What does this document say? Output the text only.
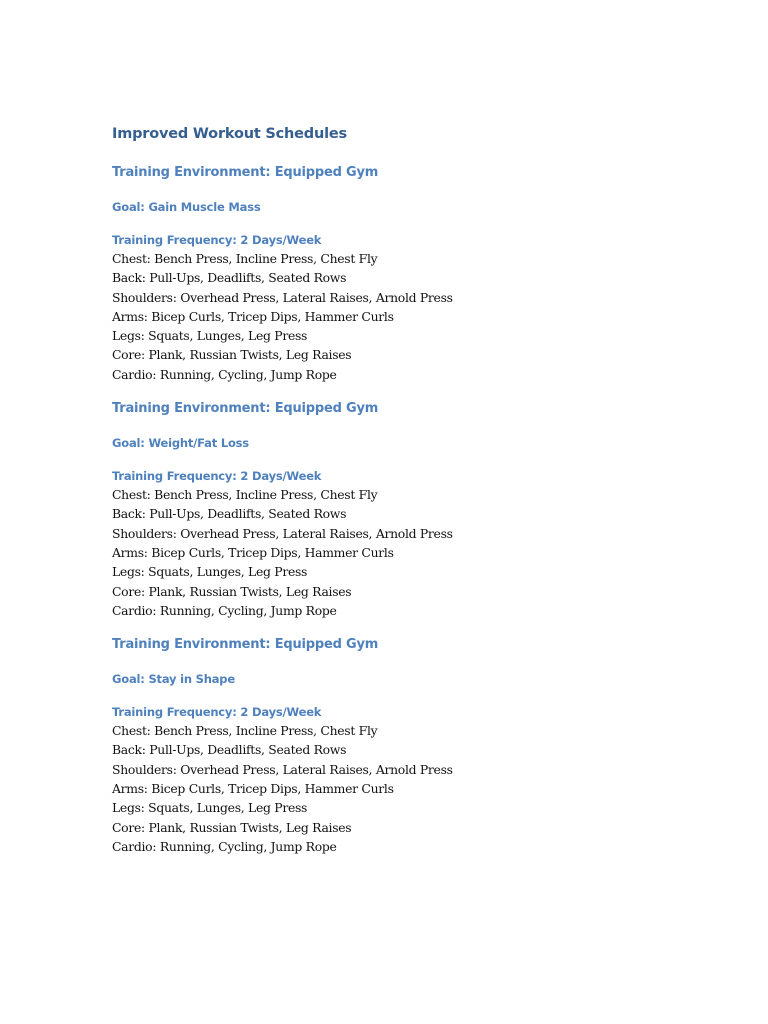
Improved Workout Schedules
Training Environment: Equipped Gym
Goal: Gain Muscle Mass
Training Frequency: 2 Days/Week
Chest: Bench Press, Incline Press, Chest Fly
Back: Pull-Ups, Deadlifts, Seated Rows
Shoulders: Overhead Press, Lateral Raises, Arnold Press
Arms: Bicep Curls, Tricep Dips, Hammer Curls
Legs: Squats, Lunges, Leg Press
Core: Plank, Russian Twists, Leg Raises
Cardio: Running, Cycling, Jump Rope
Training Environment: Equipped Gym
Goal: Weight/Fat Loss
Training Frequency: 2 Days/Week
Chest: Bench Press, Incline Press, Chest Fly
Back: Pull-Ups, Deadlifts, Seated Rows
Shoulders: Overhead Press, Lateral Raises, Arnold Press
Arms: Bicep Curls, Tricep Dips, Hammer Curls
Legs: Squats, Lunges, Leg Press
Core: Plank, Russian Twists, Leg Raises
Cardio: Running, Cycling, Jump Rope
Training Environment: Equipped Gym
Goal: Stay in Shape
Training Frequency: 2 Days/Week
Chest: Bench Press, Incline Press, Chest Fly
Back: Pull-Ups, Deadlifts, Seated Rows
Shoulders: Overhead Press, Lateral Raises, Arnold Press
Arms: Bicep Curls, Tricep Dips, Hammer Curls
Legs: Squats, Lunges, Leg Press
Core: Plank, Russian Twists, Leg Raises
Cardio: Running, Cycling, Jump Rope
